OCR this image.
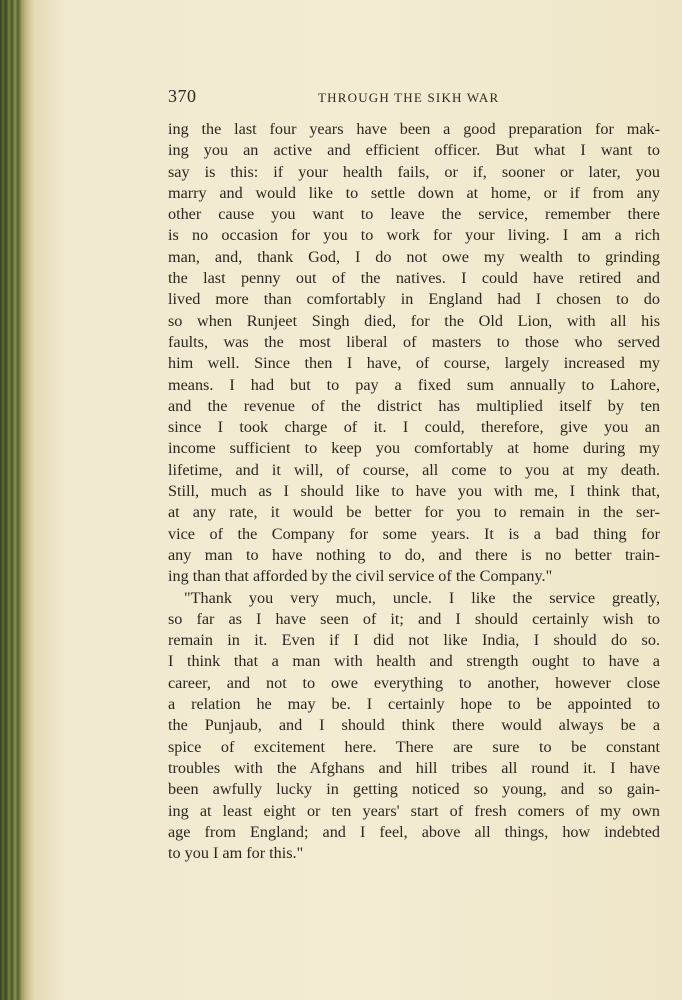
370	THROUGH THE SIKH WAR
ing the last four years have been a good preparation for mak-
ing you an active and efficient officer. But what I want to
say is this: if your health fails, or if, sooner or later, you
marry and would like to settle down at home, or if from any
other cause you want to leave the service, remember there
is no occasion for you to work for your living. I am a rich
man, and, thank God, I do not owe my wealth to grinding
the last penny out of the natives. I could have retired and
lived more than comfortably in England had I chosen to do
so when Runjeet Singh died, for the Old Lion, with all his
faults, was the most liberal of masters to those who served
him well. Since then I have, of course, largely increased my
means. I had but to pay a fixed sum annually to Lahore,
and the revenue of the district has multiplied itself by ten
since I took charge of it. I could, therefore, give you an
income sufficient to keep you comfortably at home during my
lifetime, and it will, of course, all come to you at my death.
Still, much as I should like to have you with me, I think that,
at any rate, it would be better for you to remain in the ser-
vice of the Company for some years. It is a bad thing for
any man to have nothing to do, and there is no better train-
ing than that afforded by the civil service of the Company."
"Thank you very much, uncle. I like the service greatly,
so far as I have seen of it; and I should certainly wish to
remain in it. Even if I did not like India, I should do so.
I think that a man with health and strength ought to have a
career, and not to owe everything to another, however close
a relation he may be. I certainly hope to be appointed to
the Punjaub, and I should think there would always be a
spice of excitement here. There are sure to be constant
troubles with the Afghans and hill tribes all round it. I have
been awfully lucky in getting noticed so young, and so gain-
ing at least eight or ten years' start of fresh comers of my own
age from England; and I feel, above all things, how indebted
to you I am for this."
